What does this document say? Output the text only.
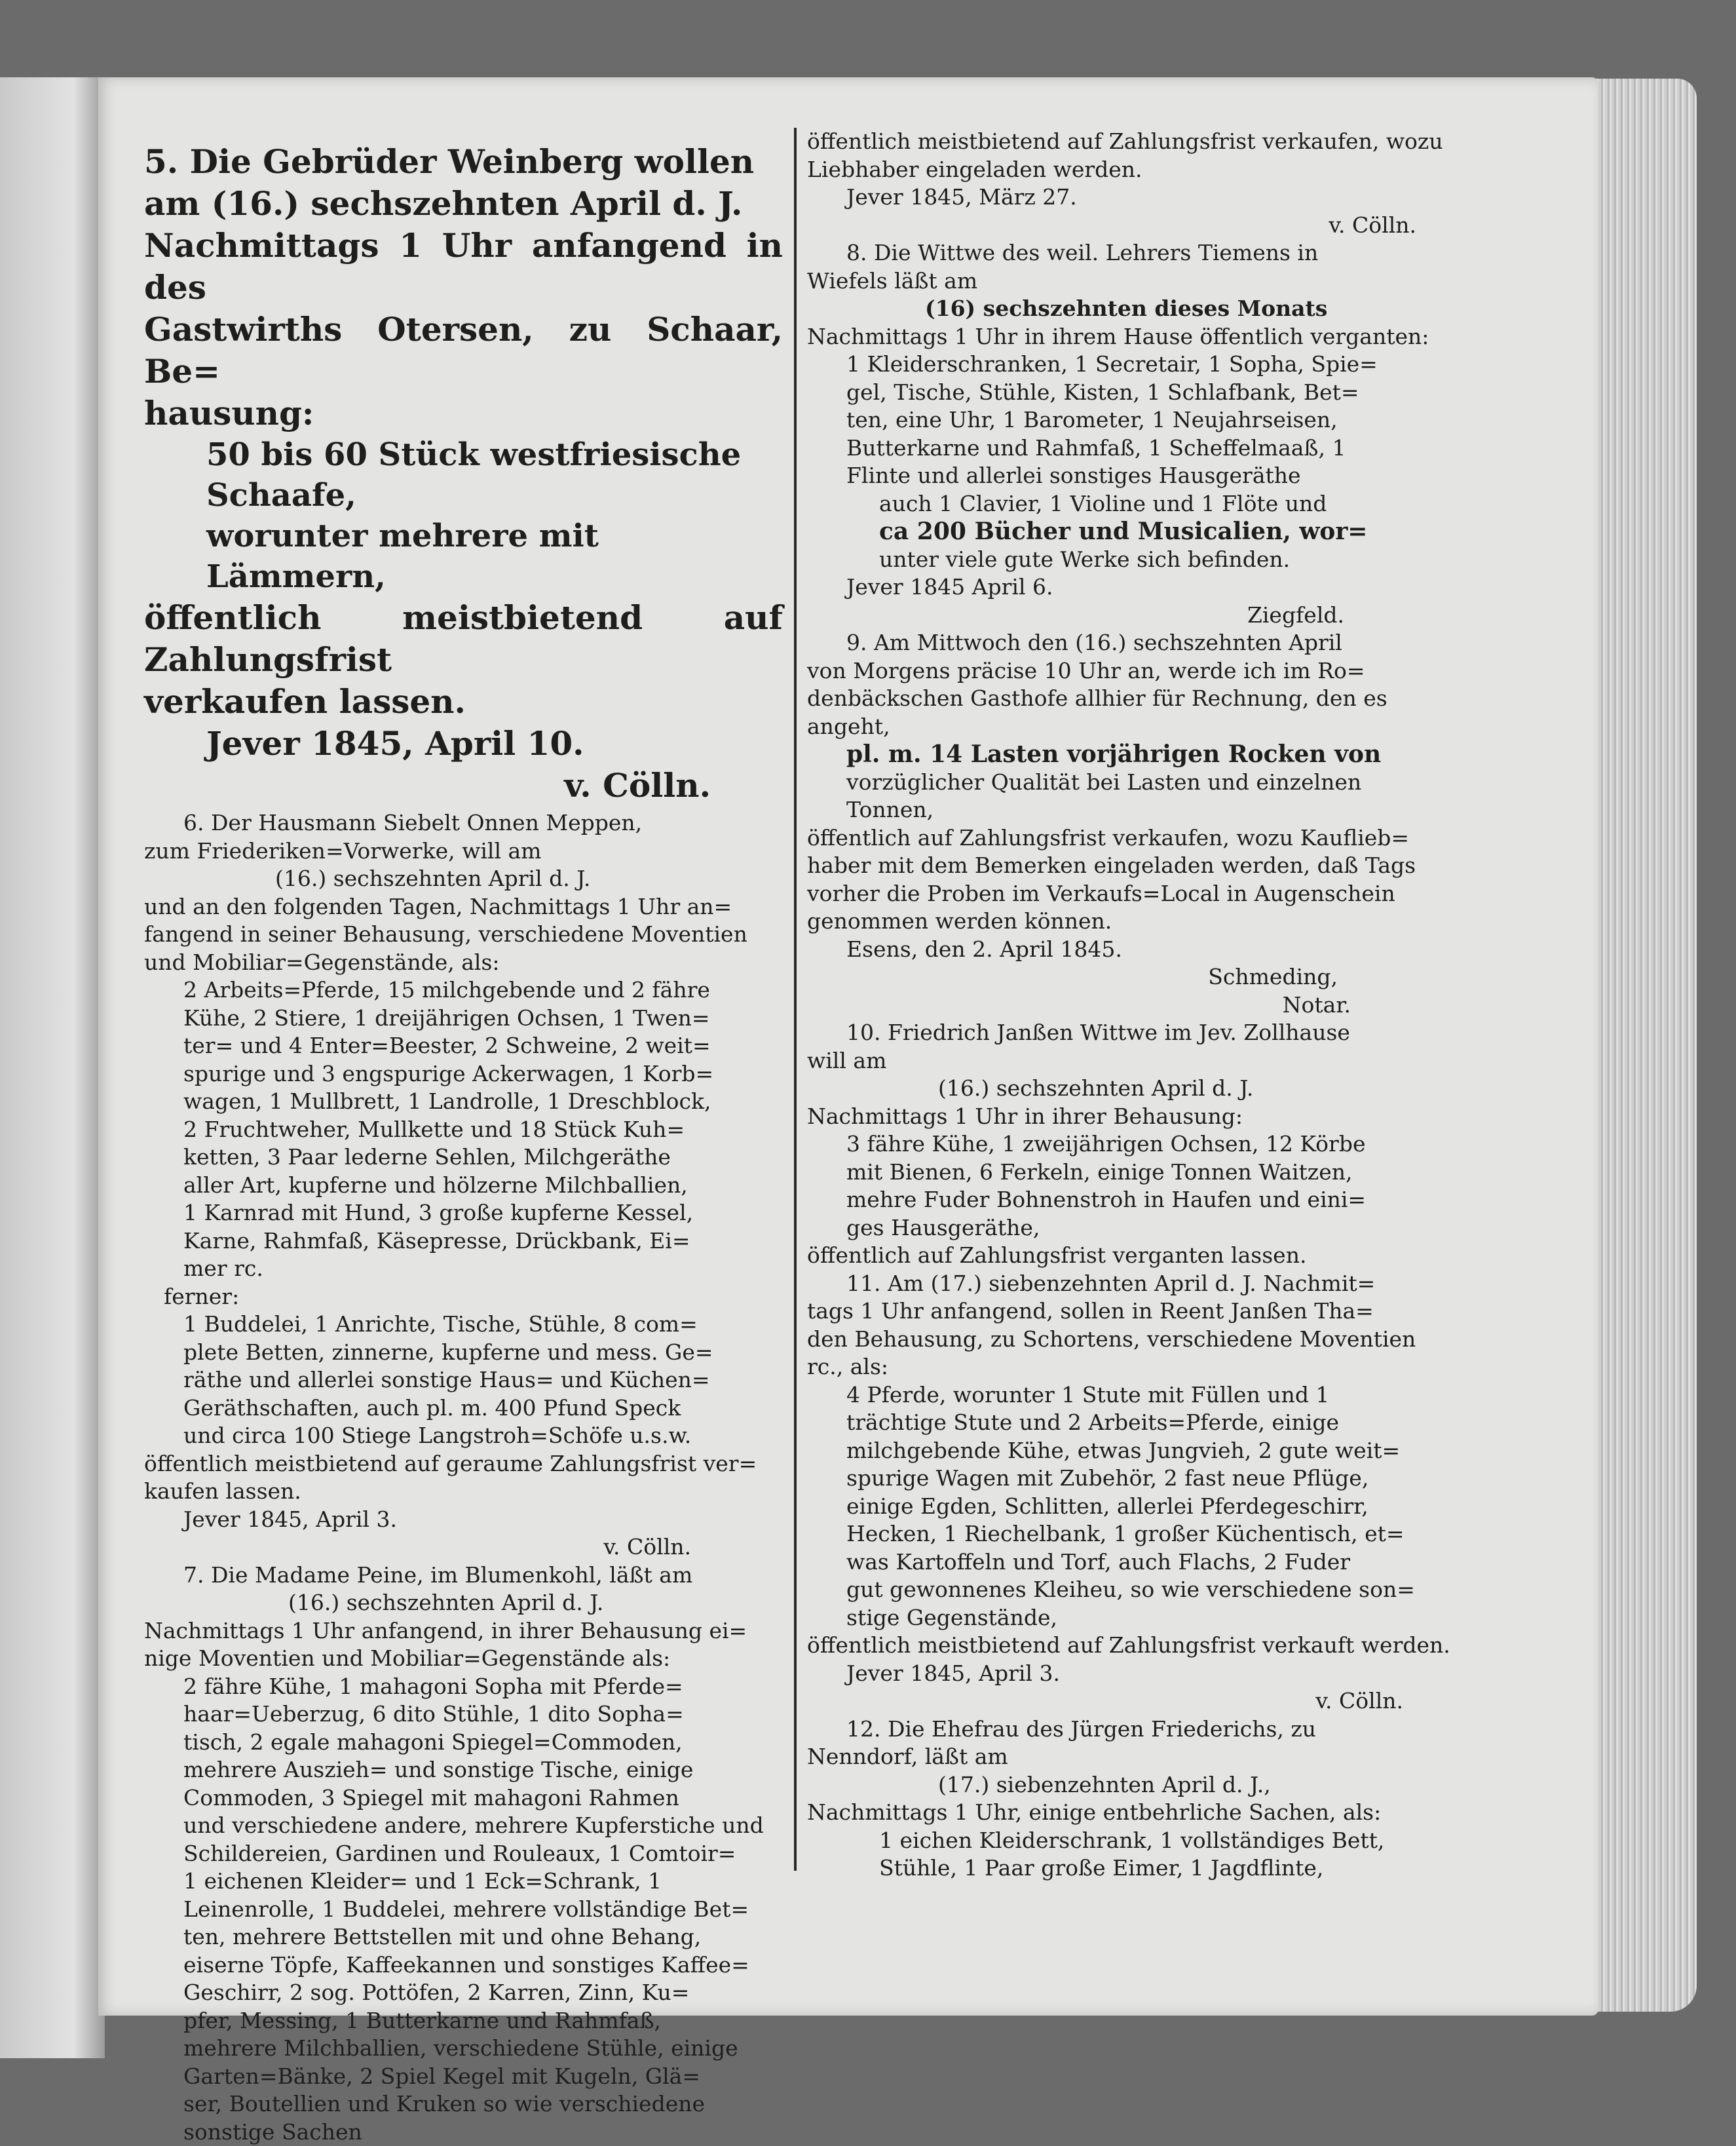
5. Die Gebrüder Weinberg wollen

am (16.) sechszehnten April d. J.

Nachmittags 1 Uhr anfangend in des

Gastwirths Otersen, zu Schaar, Be=

hausung:

50 bis 60 Stück westfriesische Schaafe,

worunter mehrere mit Lämmern,

öffentlich meistbietend auf Zahlungsfrist

verkaufen lassen.

Jever 1845, April 10.

v. Cölln.

6. Der Hausmann Siebelt Onnen Meppen,

zum Friederiken=Vorwerke, will am

(16.) sechszehnten April d. J.

und an den folgenden Tagen, Nachmittags 1 Uhr an=

fangend in seiner Behausung, verschiedene Moventien

und Mobiliar=Gegenstände, als:

2 Arbeits=Pferde, 15 milchgebende und 2 fähre

Kühe, 2 Stiere, 1 dreijährigen Ochsen, 1 Twen=

ter= und 4 Enter=Beester, 2 Schweine, 2 weit=

spurige und 3 engspurige Ackerwagen, 1 Korb=

wagen, 1 Mullbrett, 1 Landrolle, 1 Dreschblock,

2 Fruchtweher, Mullkette und 18 Stück Kuh=

ketten, 3 Paar lederne Sehlen, Milchgeräthe

aller Art, kupferne und hölzerne Milchballien,

1 Karnrad mit Hund, 3 große kupferne Kessel,

Karne, Rahmfaß, Käsepresse, Drückbank, Ei=

mer rc.

ferner:

1 Buddelei, 1 Anrichte, Tische, Stühle, 8 com=

plete Betten, zinnerne, kupferne und mess. Ge=

räthe und allerlei sonstige Haus= und Küchen=

Geräthschaften, auch pl. m. 400 Pfund Speck

und circa 100 Stiege Langstroh=Schöfe u.s.w.

öffentlich meistbietend auf geraume Zahlungsfrist ver=

kaufen lassen.

Jever 1845, April 3.

v. Cölln.

7. Die Madame Peine, im Blumenkohl, läßt am

(16.) sechszehnten April d. J.

Nachmittags 1 Uhr anfangend, in ihrer Behausung ei=

nige Moventien und Mobiliar=Gegenstände als:

2 fähre Kühe, 1 mahagoni Sopha mit Pferde=

haar=Ueberzug, 6 dito Stühle, 1 dito Sopha=

tisch, 2 egale mahagoni Spiegel=Commoden,

mehrere Auszieh= und sonstige Tische, einige

Commoden, 3 Spiegel mit mahagoni Rahmen

und verschiedene andere, mehrere Kupferstiche und

Schildereien, Gardinen und Rouleaux, 1 Comtoir=

1 eichenen Kleider= und 1 Eck=Schrank, 1

Leinenrolle, 1 Buddelei, mehrere vollständige Bet=

ten, mehrere Bettstellen mit und ohne Behang,

eiserne Töpfe, Kaffeekannen und sonstiges Kaffee=

Geschirr, 2 sog. Pottöfen, 2 Karren, Zinn, Ku=

pfer, Messing, 1 Butterkarne und Rahmfaß,

mehrere Milchballien, verschiedene Stühle, einige

Garten=Bänke, 2 Spiel Kegel mit Kugeln, Glä=

ser, Boutellien und Kruken so wie verschiedene

sonstige Sachen

öffentlich meistbietend auf Zahlungsfrist verkaufen, wozu

Liebhaber eingeladen werden.

Jever 1845, März 27.

v. Cölln.

8. Die Wittwe des weil. Lehrers Tiemens in

Wiefels läßt am

(16) sechszehnten dieses Monats

Nachmittags 1 Uhr in ihrem Hause öffentlich verganten:

1 Kleiderschranken, 1 Secretair, 1 Sopha, Spie=

gel, Tische, Stühle, Kisten, 1 Schlafbank, Bet=

ten, eine Uhr, 1 Barometer, 1 Neujahrseisen,

Butterkarne und Rahmfaß, 1 Scheffelmaaß, 1

Flinte und allerlei sonstiges Hausgeräthe

auch 1 Clavier, 1 Violine und 1 Flöte und

ca 200 Bücher und Musicalien, wor=

unter viele gute Werke sich befinden.

Jever 1845 April 6.

Ziegfeld.

9. Am Mittwoch den (16.) sechszehnten April

von Morgens präcise 10 Uhr an, werde ich im Ro=

denbäckschen Gasthofe allhier für Rechnung, den es

angeht,

pl. m. 14 Lasten vorjährigen Rocken von

vorzüglicher Qualität bei Lasten und einzelnen

Tonnen,

öffentlich auf Zahlungsfrist verkaufen, wozu Kauflieb=

haber mit dem Bemerken eingeladen werden, daß Tags

vorher die Proben im Verkaufs=Local in Augenschein

genommen werden können.

Esens, den 2. April 1845.

Schmeding,

Notar.

10. Friedrich Janßen Wittwe im Jev. Zollhause

will am

(16.) sechszehnten April d. J.

Nachmittags 1 Uhr in ihrer Behausung:

3 fähre Kühe, 1 zweijährigen Ochsen, 12 Körbe

mit Bienen, 6 Ferkeln, einige Tonnen Waitzen,

mehre Fuder Bohnenstroh in Haufen und eini=

ges Hausgeräthe,

öffentlich auf Zahlungsfrist verganten lassen.

11. Am (17.) siebenzehnten April d. J. Nachmit=

tags 1 Uhr anfangend, sollen in Reent Janßen Tha=

den Behausung, zu Schortens, verschiedene Moventien

rc., als:

4 Pferde, worunter 1 Stute mit Füllen und 1

trächtige Stute und 2 Arbeits=Pferde, einige

milchgebende Kühe, etwas Jungvieh, 2 gute weit=

spurige Wagen mit Zubehör, 2 fast neue Pflüge,

einige Egden, Schlitten, allerlei Pferdegeschirr,

Hecken, 1 Riechelbank, 1 großer Küchentisch, et=

was Kartoffeln und Torf, auch Flachs, 2 Fuder

gut gewonnenes Kleiheu, so wie verschiedene son=

stige Gegenstände,

öffentlich meistbietend auf Zahlungsfrist verkauft werden.

Jever 1845, April 3.

v. Cölln.

12. Die Ehefrau des Jürgen Friederichs, zu

Nenndorf, läßt am

(17.) siebenzehnten April d. J.,

Nachmittags 1 Uhr, einige entbehrliche Sachen, als:

1 eichen Kleiderschrank, 1 vollständiges Bett,

Stühle, 1 Paar große Eimer, 1 Jagdflinte,
